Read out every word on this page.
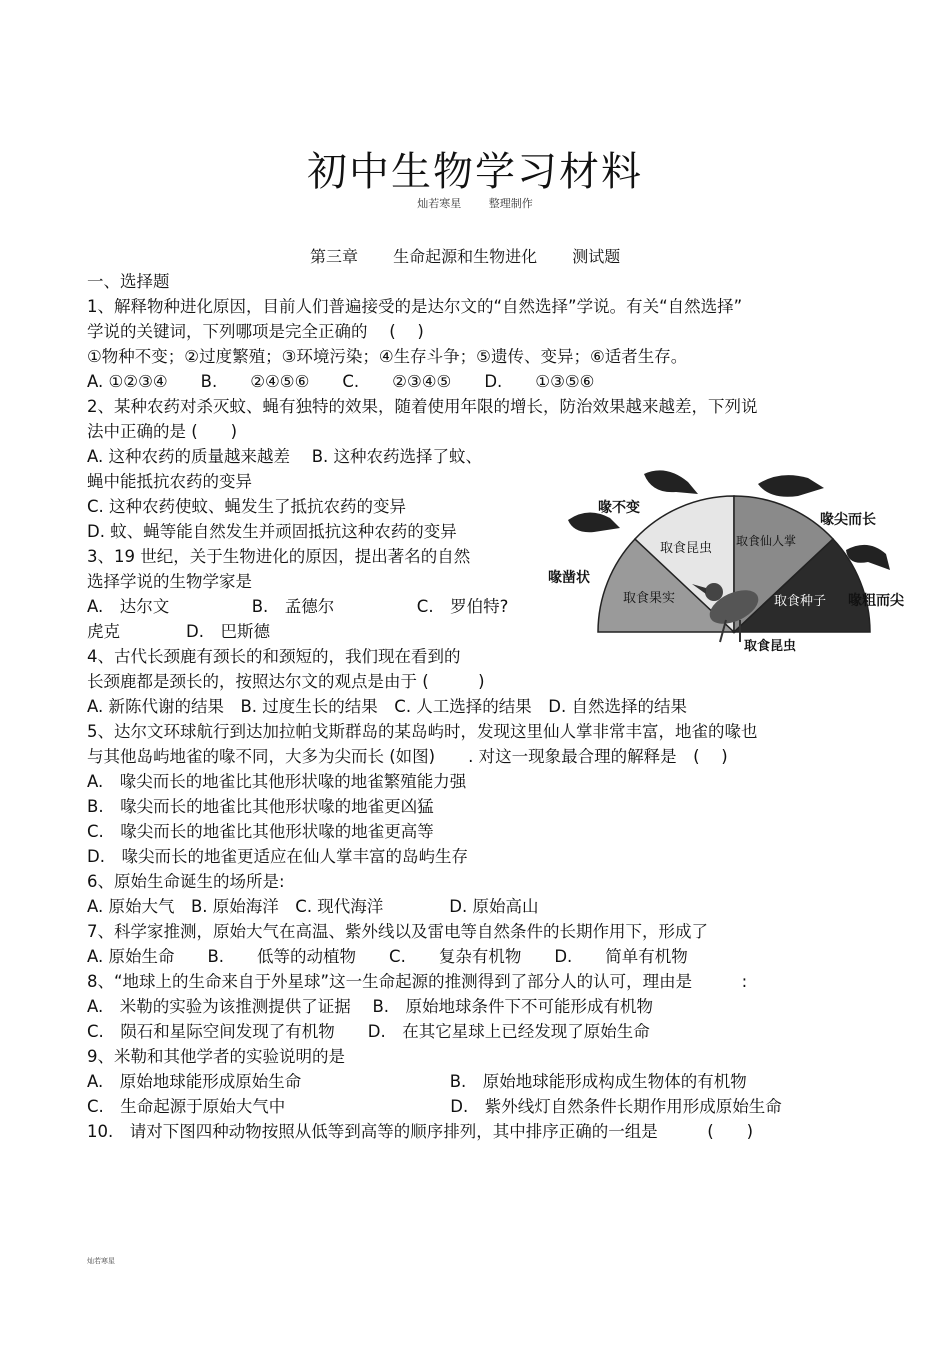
初中生物学习材料
灿若寒星	整理制作
第三章 生命起源和生物进化 测试题
一、选择题
1、解释物种进化原因，目前人们普遍接受的是达尔文的“自然选择”学说。有关“自然选择”
学说的关键词，下列哪项是完全正确的　 (　 )
①物种不变；②过度繁殖；③环境污染；④生存斗争；⑤遗传、变异；⑥适者生存。
A. ①②③④　　B.　　②④⑤⑥　　C.　　②③④⑤　　D.　　①③⑤⑥
2、某种农药对杀灭蚊、蝇有独特的效果，随着使用年限的增长，防治效果越来越差，下列说
法中正确的是 (　　)
A. 这种农药的质量越来越差　 B. 这种农药选择了蚊、
蝇中能抵抗农药的变异
C. 这种农药使蚊、蝇发生了抵抗农药的变异
D. 蚊、蝇等能自然发生并顽固抵抗这种农药的变异
3、19 世纪，关于生物进化的原因，提出著名的自然
选择学说的生物学家是
A.　达尔文　　　　　B.　孟德尔　　　　　C.　罗伯特?
虎克　　　　D.　巴斯德
4、古代长颈鹿有颈长的和颈短的，我们现在看到的
长颈鹿都是颈长的，按照达尔文的观点是由于 (　　　)
A. 新陈代谢的结果　B. 过度生长的结果　C. 人工选择的结果　D. 自然选择的结果
5、达尔文环球航行到达加拉帕戈斯群岛的某岛屿时，发现这里仙人掌非常丰富，地雀的喙也
与其他岛屿地雀的喙不同，大多为尖而长 (如图)　　. 对这一现象最合理的解释是　(　 )
A.　喙尖而长的地雀比其他形状喙的地雀繁殖能力强
B.　喙尖而长的地雀比其他形状喙的地雀更凶猛
C.　喙尖而长的地雀比其他形状喙的地雀更高等
D.　喙尖而长的地雀更适应在仙人掌丰富的岛屿生存
6、原始生命诞生的场所是:
A. 原始大气　B. 原始海洋　C. 现代海洋　　　　D. 原始高山
7、科学家推测，原始大气在高温、紫外线以及雷电等自然条件的长期作用下，形成了
A. 原始生命　　B.　　低等的动植物　　C.　　复杂有机物　　D.　　简单有机物
8、“地球上的生命来自于外星球”这一生命起源的推测得到了部分人的认可，理由是　　　:
A.　米勒的实验为该推测提供了证据　 B.　原始地球条件下不可能形成有机物
C.　陨石和星际空间发现了有机物　　D.　在其它星球上已经发现了原始生命
9、米勒和其他学者的实验说明的是
A.　原始地球能形成原始生命　　　　　　　　　B.　原始地球能形成构成生物体的有机物
C.　生命起源于原始大气中　　　　　　　　　　D.　紫外线灯自然条件长期作用形成原始生命
10.　请对下图四种动物按照从低等到高等的顺序排列，其中排序正确的一组是　　　(　　)
取食果实
取食昆虫 取食仙人掌
取食种子
喙不变
喙尖而长
喙凿状
喙粗而尖
取食昆虫
灿若寒星
